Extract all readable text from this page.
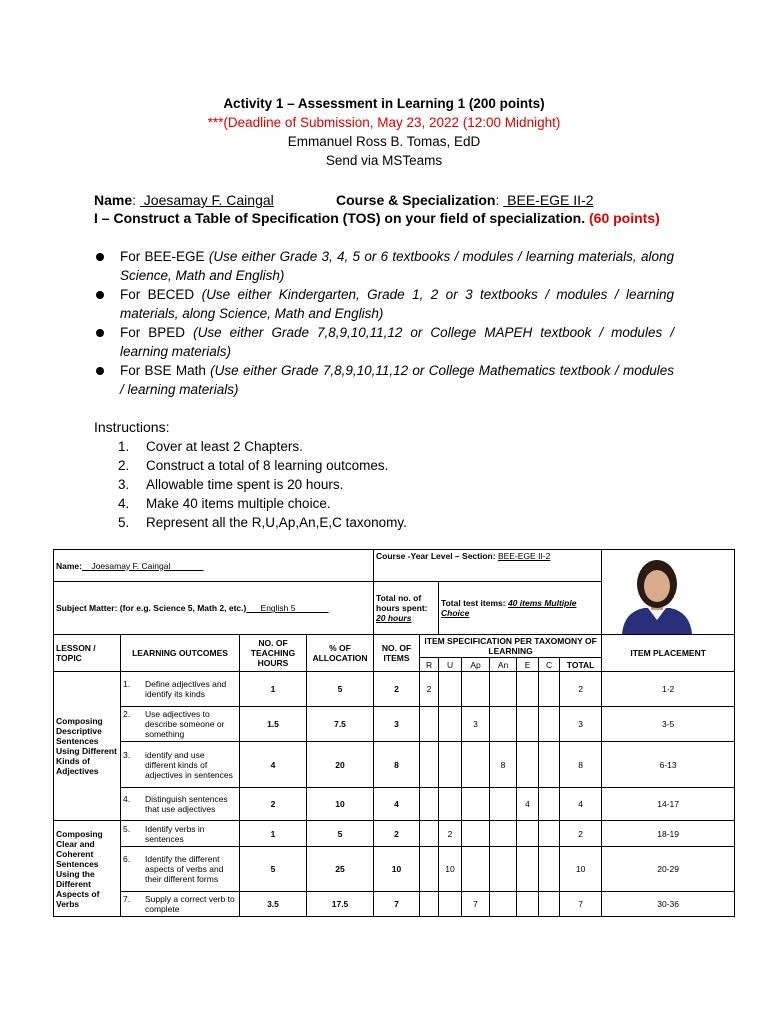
Activity 1 – Assessment in Learning 1 (200 points)
***(Deadline of Submission, May 23, 2022 (12:00 Midnight)
Emmanuel Ross B. Tomas, EdD
Send via MSTeams
Name:  Joesamay F. Caingal	Course & Specialization:  BEE-EGE II-2
I – Construct a Table of Specification (TOS) on your field of specialization. (60 points)
For BEE-EGE (Use either Grade 3, 4, 5 or 6 textbooks / modules / learning materials, along Science, Math and English)
For BECED (Use either Kindergarten, Grade 1, 2 or 3 textbooks / modules / learning materials, along Science, Math and English)
For BPED (Use either Grade 7,8,9,10,11,12 or College MAPEH textbook / modules / learning materials)
For BSE Math (Use either Grade 7,8,9,10,11,12 or College Mathematics textbook / modules / learning materials)
Instructions:
1. Cover at least 2 Chapters.
2. Construct a total of 8 learning outcomes.
3. Allowable time spent is 20 hours.
4. Make 40 items multiple choice.
5. Represent all the R,U,Ap,An,E,C taxonomy.
Name: Joesamay F. Caingal				Course -Year Level – Section: BEE-EGE II-2	

Subject Matter: (for e.g. Science 5, Math 2, etc.) English 5				Total no. of hours spent: 20 hours		Total test items: 40 items Multiple Choice						
LESSON / TOPIC	LEARNING OUTCOMES	NO. OF TEACHING HOURS	% OF ALLOCATION	NO. OF ITEMS	ITEM SPECIFICATION PER TAXOMONY OF LEARNING							ITEM PLACEMENT
					R	U	Ap	An	E	C	TOTAL	
Composing Descriptive Sentences Using Different Kinds of Adjectives	1. Define adjectives and identify its kinds	1	5	2	2						2	1-2

	2. Use adjectives to describe someone or something	1.5	7.5	3			3				3	3-5

	3. identify and use different kinds of adjectives in sentences	4	20	8				8			8	6-13

	4. Distinguish sentences that use adjectives	2	10	4					4		4	14-17
Composing Clear and Coherent Sentences Using the Different Aspects of Verbs	5. Identify verbs in sentences	1	5	2		2					2	18-19

	6. Identify the different aspects of verbs and their different forms	5	25	10		10					10	20-29

	7. Supply a correct verb to complete	3.5	17.5	7			7				7	30-36
